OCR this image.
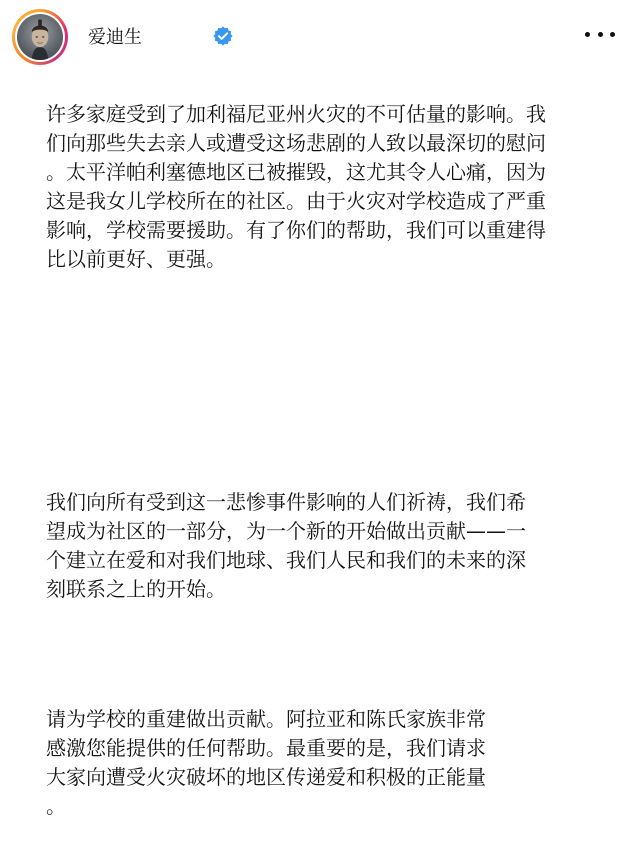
爱迪生

许多家庭受到了加利福尼亚州火灾的不可估量的影响。我
们向那些失去亲人或遭受这场悲剧的人致以最深切的慰问
。太平洋帕利塞德地区已被摧毁，这尤其令人心痛，因为
这是我女儿学校所在的社区。由于火灾对学校造成了严重
影响，学校需要援助。有了你们的帮助，我们可以重建得
比以前更好、更强。

我们向所有受到这一悲惨事件影响的人们祈祷，我们希
望成为社区的一部分，为一个新的开始做出贡献——一
个建立在爱和对我们地球、我们人民和我们的未来的深
刻联系之上的开始。

请为学校的重建做出贡献。阿拉亚和陈氏家族非常
感激您能提供的任何帮助。最重要的是，我们请求
大家向遭受火灾破坏的地区传递爱和积极的正能量
。
